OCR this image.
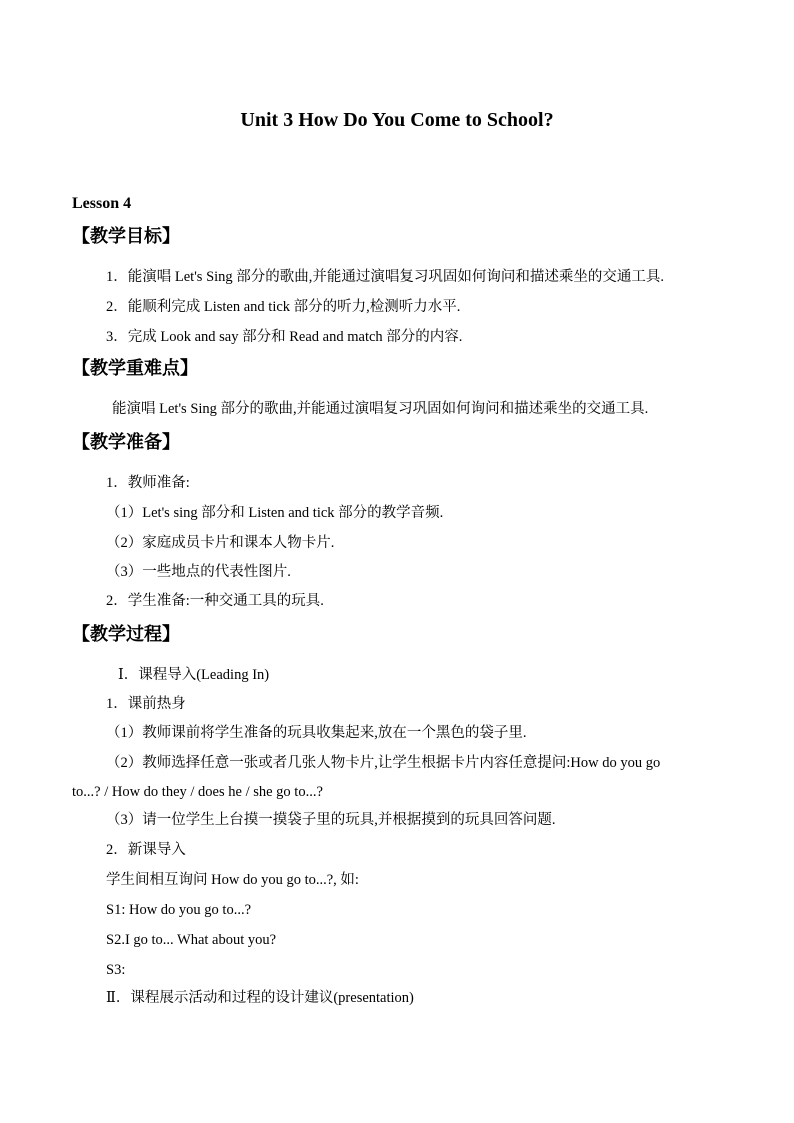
Unit 3 How Do You Come to School?
Lesson 4
【教学目标】
1．能演唱 Let's Sing 部分的歌曲,并能通过演唱复习巩固如何询问和描述乘坐的交通工具.
2．能顺利完成 Listen and tick 部分的听力,检测听力水平.
3．完成 Look and say 部分和 Read and match 部分的内容.
【教学重难点】
能演唱 Let's Sing 部分的歌曲,并能通过演唱复习巩固如何询问和描述乘坐的交通工具.
【教学准备】
1．教师准备:
（1）Let's sing 部分和 Listen and tick 部分的教学音频.
（2）家庭成员卡片和课本人物卡片.
（3）一些地点的代表性图片.
2．学生准备:一种交通工具的玩具.
【教学过程】
Ⅰ．课程导入(Leading In)
1．课前热身
（1）教师课前将学生准备的玩具收集起来,放在一个黑色的袋子里.
（2）教师选择任意一张或者几张人物卡片,让学生根据卡片内容任意提问:How do you go
to...? / How do they / does he / she go to...?
（3）请一位学生上台摸一摸袋子里的玩具,并根据摸到的玩具回答问题.
2．新课导入
学生间相互询问 How do you go to...?, 如:
S1: How do you go to...?
S2.I go to... What about you?
S3:
Ⅱ．课程展示活动和过程的设计建议(presentation)
